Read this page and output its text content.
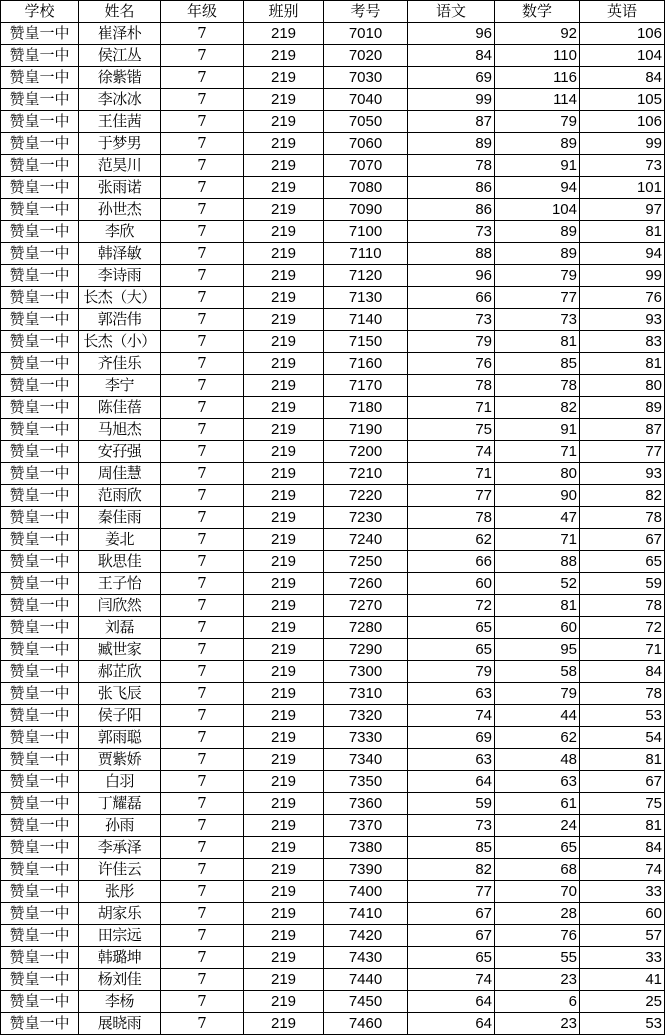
学校	姓名	年级	班别	考号	语文	数学	英语
赞皇一中	崔泽朴	7	219	7010	96	92	106
赞皇一中	侯江丛	7	219	7020	84	110	104
赞皇一中	徐紫锴	7	219	7030	69	116	84
赞皇一中	李冰冰	7	219	7040	99	114	105
赞皇一中	王佳茜	7	219	7050	87	79	106
赞皇一中	于梦男	7	219	7060	89	89	99
赞皇一中	范昊川	7	219	7070	78	91	73
赞皇一中	张雨诺	7	219	7080	86	94	101
赞皇一中	孙世杰	7	219	7090	86	104	97
赞皇一中	李欣	7	219	7100	73	89	81
赞皇一中	韩泽敏	7	219	7110	88	89	94
赞皇一中	李诗雨	7	219	7120	96	79	99
赞皇一中	长杰（大）	7	219	7130	66	77	76
赞皇一中	郭浩伟	7	219	7140	73	73	93
赞皇一中	长杰（小）	7	219	7150	79	81	83
赞皇一中	齐佳乐	7	219	7160	76	85	81
赞皇一中	李宁	7	219	7170	78	78	80
赞皇一中	陈佳蓓	7	219	7180	71	82	89
赞皇一中	马旭杰	7	219	7190	75	91	87
赞皇一中	安孖强	7	219	7200	74	71	77
赞皇一中	周佳慧	7	219	7210	71	80	93
赞皇一中	范雨欣	7	219	7220	77	90	82
赞皇一中	秦佳雨	7	219	7230	78	47	78
赞皇一中	姜北	7	219	7240	62	71	67
赞皇一中	耿思佳	7	219	7250	66	88	65
赞皇一中	王子怡	7	219	7260	60	52	59
赞皇一中	闫欣然	7	219	7270	72	81	78
赞皇一中	刘磊	7	219	7280	65	60	72
赞皇一中	臧世家	7	219	7290	65	95	71
赞皇一中	郝芷欣	7	219	7300	79	58	84
赞皇一中	张飞辰	7	219	7310	63	79	78
赞皇一中	侯子阳	7	219	7320	74	44	53
赞皇一中	郭雨聪	7	219	7330	69	62	54
赞皇一中	贾紫娇	7	219	7340	63	48	81
赞皇一中	白羽	7	219	7350	64	63	67
赞皇一中	丁耀磊	7	219	7360	59	61	75
赞皇一中	孙雨	7	219	7370	73	24	81
赞皇一中	李承泽	7	219	7380	85	65	84
赞皇一中	许佳云	7	219	7390	82	68	74
赞皇一中	张彤	7	219	7400	77	70	33
赞皇一中	胡家乐	7	219	7410	67	28	60
赞皇一中	田宗远	7	219	7420	67	76	57
赞皇一中	韩璐坤	7	219	7430	65	55	33
赞皇一中	杨刘佳	7	219	7440	74	23	41
赞皇一中	李杨	7	219	7450	64	6	25
赞皇一中	展晓雨	7	219	7460	64	23	53
